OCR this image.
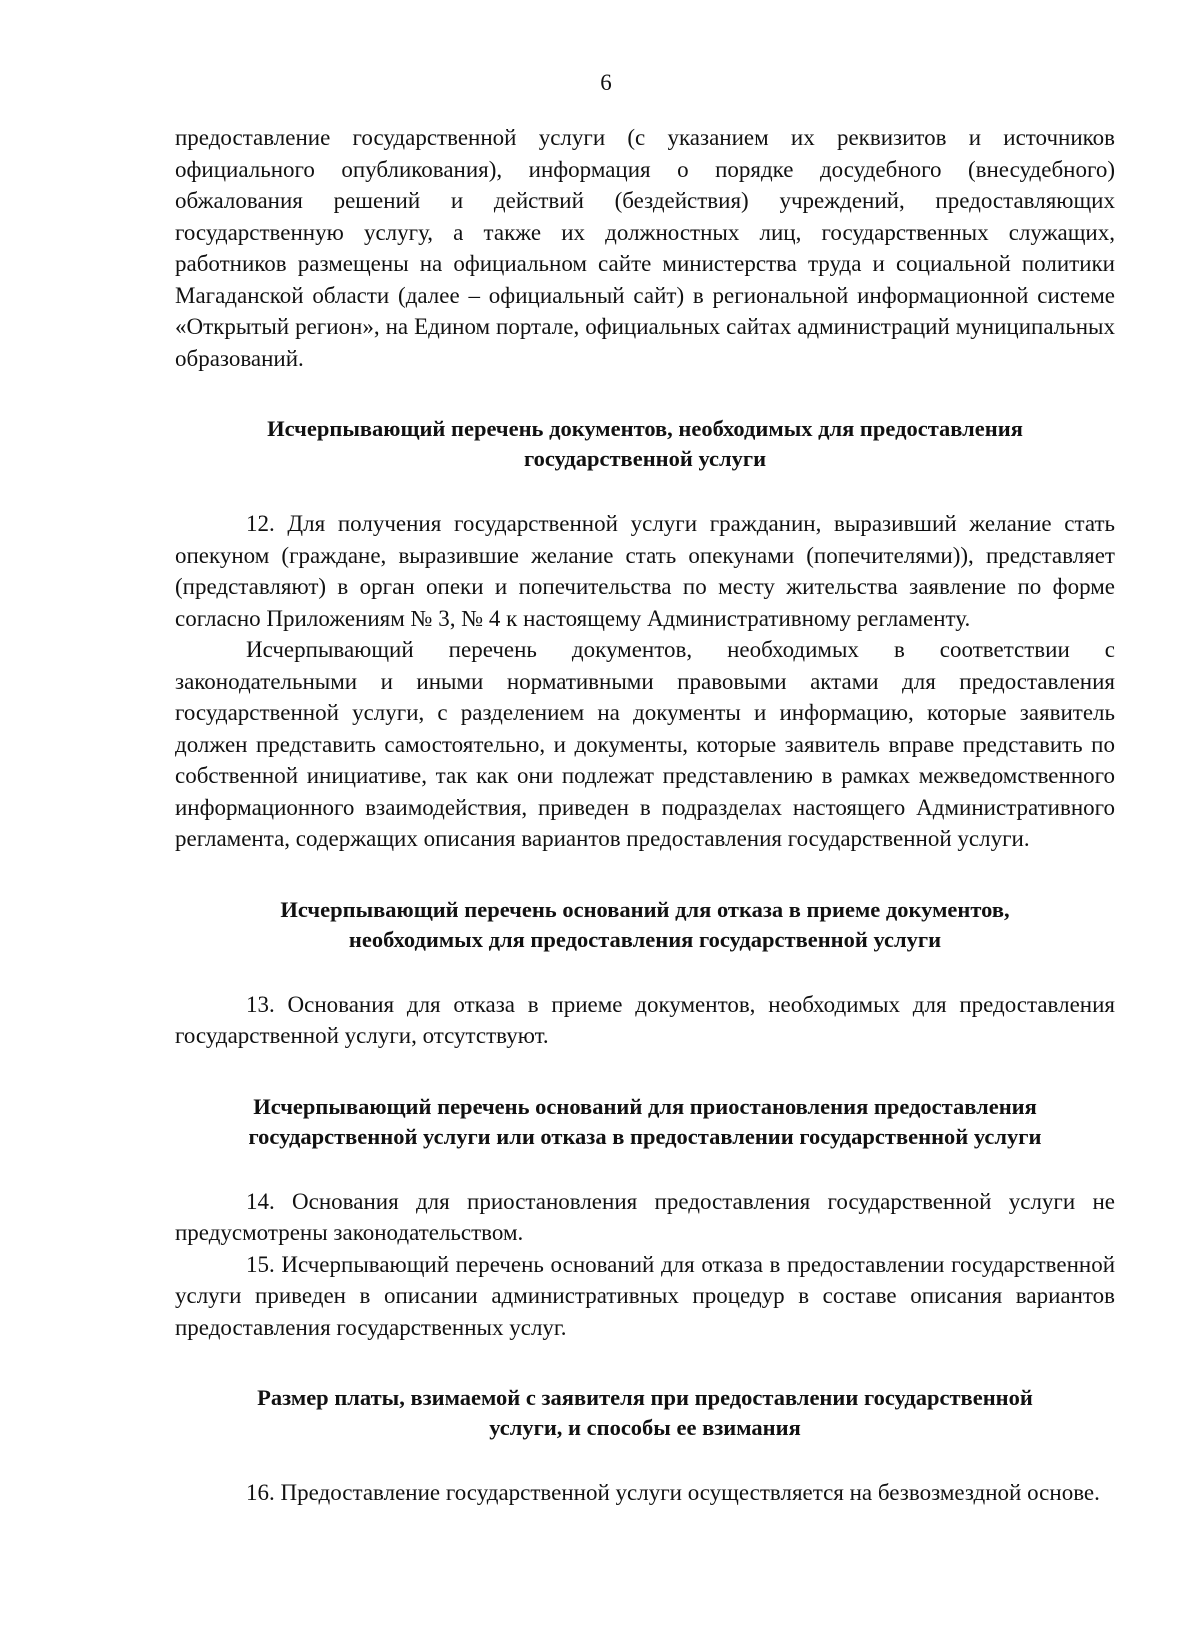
6

предоставление государственной услуги (с указанием их реквизитов и источников официального опубликования), информация о порядке досудебного (внесудебного) обжалования решений и действий (бездействия) учреждений, предоставляющих государственную услугу, а также их должностных лиц, государственных служащих, работников размещены на официальном сайте министерства труда и социальной политики Магаданской области (далее – официальный сайт) в региональной информационной системе «Открытый регион», на Едином портале, официальных сайтах администраций муниципальных образований.

Исчерпывающий перечень документов, необходимых для предоставления
государственной услуги

12. Для получения государственной услуги гражданин, выразивший желание стать опекуном (граждане, выразившие желание стать опекунами (попечителями)), представляет (представляют) в орган опеки и попечительства по месту жительства заявление по форме согласно Приложениям № 3, № 4 к настоящему Административному регламенту.

Исчерпывающий перечень документов, необходимых в соответствии с законодательными и иными нормативными правовыми актами для предоставления государственной услуги, с разделением на документы и информацию, которые заявитель должен представить самостоятельно, и документы, которые заявитель вправе представить по собственной инициативе, так как они подлежат представлению в рамках межведомственного информационного взаимодействия, приведен в подразделах настоящего Административного регламента, содержащих описания вариантов предоставления государственной услуги.

Исчерпывающий перечень оснований для отказа в приеме документов,
необходимых для предоставления государственной услуги

13. Основания для отказа в приеме документов, необходимых для предоставления государственной услуги, отсутствуют.

Исчерпывающий перечень оснований для приостановления предоставления
государственной услуги или отказа в предоставлении государственной услуги

14. Основания для приостановления предоставления государственной услуги не предусмотрены законодательством.

15. Исчерпывающий перечень оснований для отказа в предоставлении государственной услуги приведен в описании административных процедур в составе описания вариантов предоставления государственных услуг.

Размер платы, взимаемой с заявителя при предоставлении государственной
услуги, и способы ее взимания

16. Предоставление государственной услуги осуществляется на безвозмездной основе.
